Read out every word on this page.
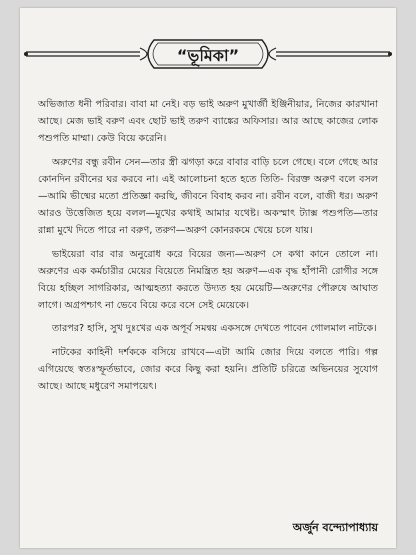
“ভূমিকা”

অভিজাত ধনী পরিবার। বাবা মা নেই। বড় ভাই অরুণ মুখার্জী ইঞ্জিনীয়ার, নিজের কারখানা আছে। মেজ ভাই বরুণ এবং ছোট ভাই তরুণ ব্যাঙ্কের অফিসার। আর আছে কাজের লোক পশুপতি মাম্মা। কেউ বিয়ে করেনি।

অরুণের বন্ধু রবীন সেন—তার স্ত্রী ঝগড়া করে বাবার বাড়ি চলে গেছে। বলে গেছে আর কোনদিন রবীনের ঘর করবে না। এই আলোচনা হতে হতে তিতি- বিরক্ত অরুণ বলে বসল—আমি ভীষ্মের মতো প্রতিজ্ঞা করছি, জীবনে বিবাহ করব না। রবীন বলে, বাজী ধর। অরুণ আরও উত্তেজিত হয়ে বলল—মুখের কথাই আমার যথেষ্ট। অকস্মাৎ ট্যাক্স পশুপতি—তার রান্না মুখে দিতে পারে না বরুণ, তরুণ—অরুণ কোনরকমে খেয়ে চলে যায়।

ভাইয়েরা বার বার অনুরোধ করে বিয়ের জন্য—অরুণ সে কথা কানে তোলে না। অরুণের এক কর্মচারীর মেয়ের বিয়েতে নিমন্ত্রিত হয় অরুণ—এক বৃদ্ধ হাঁপানী রোগীর সঙ্গে বিয়ে হচ্ছিল সাগরিকার, আত্মহত্যা করতে উদ্যত হয় মেয়েটি—অরুণের পৌরুষে আঘাত লাগে। অগ্রপশ্চাৎ না ভেবে বিয়ে করে বসে সেই মেয়েকে।

তারপর? হাসি, সুখ দুঃখের এক অপূর্ব সমন্বয় একসঙ্গে দেখতে পাবেন গোলমাল নাটকে।

নাটকের কাহিনী দর্শককে বসিয়ে রাখবে—এটা আমি জোর দিয়ে বলতে পারি। গল্প এগিয়েছে স্বতঃস্ফূর্তভাবে, জোর করে কিছু করা হয়নি। প্রতিটি চরিত্রে অভিনয়ের সুযোগ আছে। আছে মধুরেণ সমাপয়েৎ।

অর্জুন বন্দ্যোপাধ্যায়
